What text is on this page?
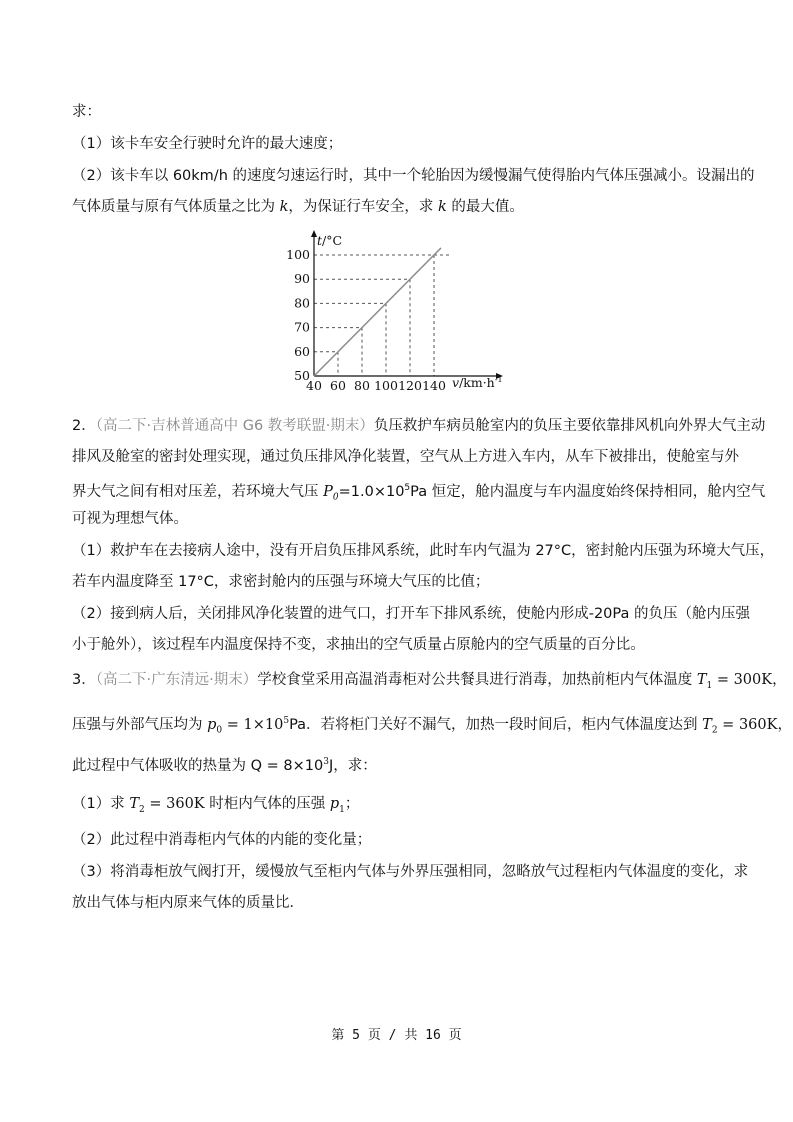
求：
（1）该卡车安全行驶时允许的最大速度；
（2）该卡车以 60km/h 的速度匀速运行时，其中一个轮胎因为缓慢漏气使得胎内气体压强减小。设漏出的
气体质量与原有气体质量之比为 k，为保证行车安全，求 k 的最大值。
40 60 80 100 120 140
50
60
70
80
90
100
t/°C
$v/km\cdot h^{-1}$
2．（高二下·吉林普通高中 G6 教考联盟·期末）负压救护车病员舱室内的负压主要依靠排风机向外界大气主动
排风及舱室的密封处理实现，通过负压排风净化装置，空气从上方进入车内，从车下被排出，使舱室与外
界大气之间有相对压差，若环境大气压 $P_0=1.0\times 10^5Pa$ 恒定，舱内温度与车内温度始终保持相同，舱内空气
可视为理想气体。
（1）救护车在去接病人途中，没有开启负压排风系统，此时车内气温为 27°C，密封舱内压强为环境大气压，
若车内温度降至 17°C，求密封舱内的压强与环境大气压的比值；
（2）接到病人后，关闭排风净化装置的进气口，打开车下排风系统，使舱内形成-20Pa 的负压（舱内压强
小于舱外），该过程车内温度保持不变，求抽出的空气质量占原舱内的空气质量的百分比。
3．（高二下·广东清远·期末）学校食堂采用高温消毒柜对公共餐具进行消毒，加热前柜内气体温度 $T_1 = 300K$，
压强与外部气压均为 $p_0 = 1\times 10^5Pa$．若将柜门关好不漏气，加热一段时间后，柜内气体温度达到 $T_2 = 360K$，
此过程中气体吸收的热量为 $Q = 8\times 10^3J$，求：
（1）求 $T_2 = 360K$ 时柜内气体的压强 $p_1$；
（2）此过程中消毒柜内气体的内能的变化量；
（3）将消毒柜放气阀打开，缓慢放气至柜内气体与外界压强相同，忽略放气过程柜内气体温度的变化，求
放出气体与柜内原来气体的质量比．
第 5 页 / 共 16 页
